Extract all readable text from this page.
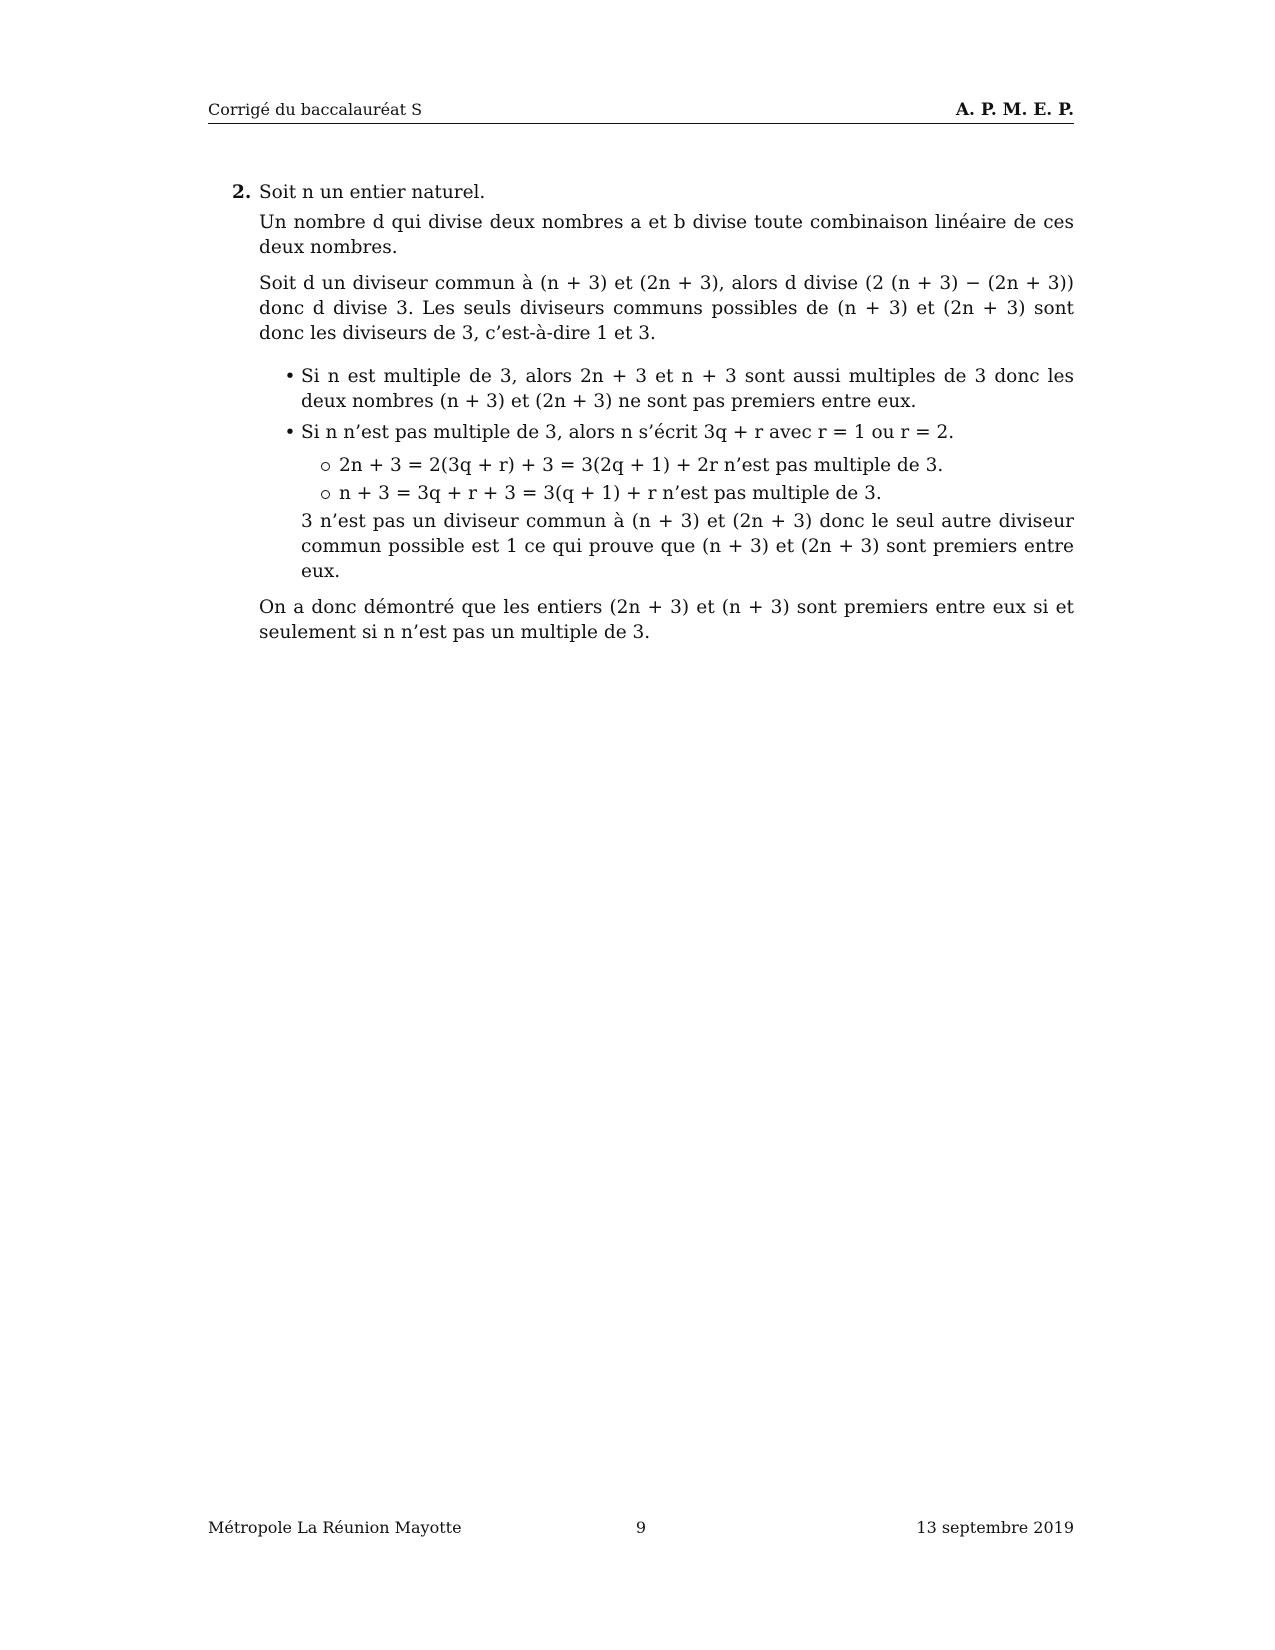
Corrigé du baccalauréat S	A. P. M. E. P.
2. Soit n un entier naturel.

Un nombre d qui divise deux nombres a et b divise toute combinaison linéaire de ces deux nombres.

Soit d un diviseur commun à (n + 3) et (2n + 3), alors d divise (2 (n + 3) − (2n + 3)) donc d divise 3. Les seuls diviseurs communs possibles de (n + 3) et (2n + 3) sont donc les diviseurs de 3, c’est-à-dire 1 et 3.

• Si n est multiple de 3, alors 2n + 3 et n + 3 sont aussi multiples de 3 donc les deux nombres (n + 3) et (2n + 3) ne sont pas premiers entre eux.
• Si n n’est pas multiple de 3, alors n s’écrit 3q + r avec r = 1 ou r = 2.
2n + 3 = 2(3q + r) + 3 = 3(2q + 1) + 2r n’est pas multiple de 3.
n + 3 = 3q + r + 3 = 3(q + 1) + r n’est pas multiple de 3.

3 n’est pas un diviseur commun à (n + 3) et (2n + 3) donc le seul autre diviseur commun possible est 1 ce qui prouve que (n + 3) et (2n + 3) sont premiers entre eux.

On a donc démontré que les entiers (2n + 3) et (n + 3) sont premiers entre eux si et seulement si n n’est pas un multiple de 3.

Métropole La Réunion Mayotte	9	13 septembre 2019
